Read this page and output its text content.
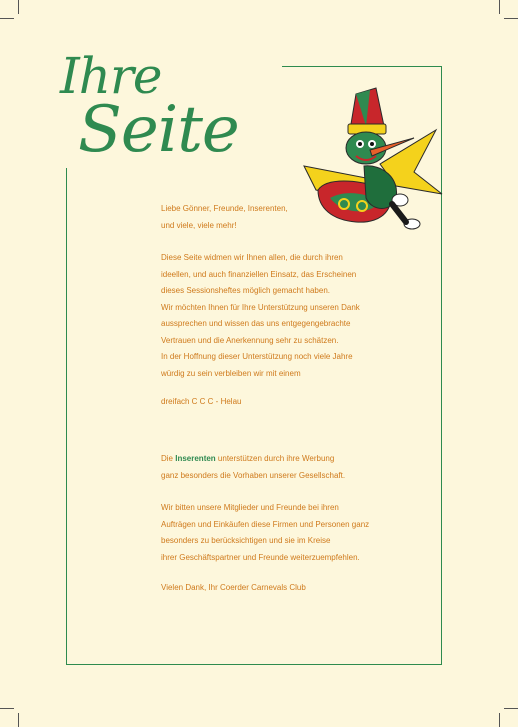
Ihre
Seite

Liebe Gönner, Freunde, Inserenten,

und viele, viele mehr!

Diese Seite widmen wir Ihnen allen, die durch ihren

ideellen, und auch finanziellen Einsatz, das Erscheinen

dieses Sessionsheftes möglich gemacht haben.

Wir möchten Ihnen für Ihre Unterstützung unseren Dank

aussprechen und wissen das uns entgegengebrachte

Vertrauen und die Anerkennung sehr zu schätzen.

In der Hoffnung dieser Unterstützung noch viele Jahre

würdig zu sein verbleiben wir mit einem

dreifach C C C - Helau

Die Inserenten unterstützen durch ihre Werbung

ganz besonders die Vorhaben unserer Gesellschaft.

Wir bitten unsere Mitglieder und Freunde bei ihren

Aufträgen und Einkäufen diese Firmen und Personen ganz

besonders zu berücksichtigen und sie im Kreise

ihrer Geschäftspartner und Freunde weiterzuempfehlen.

Vielen Dank, Ihr Coerder Carnevals Club
